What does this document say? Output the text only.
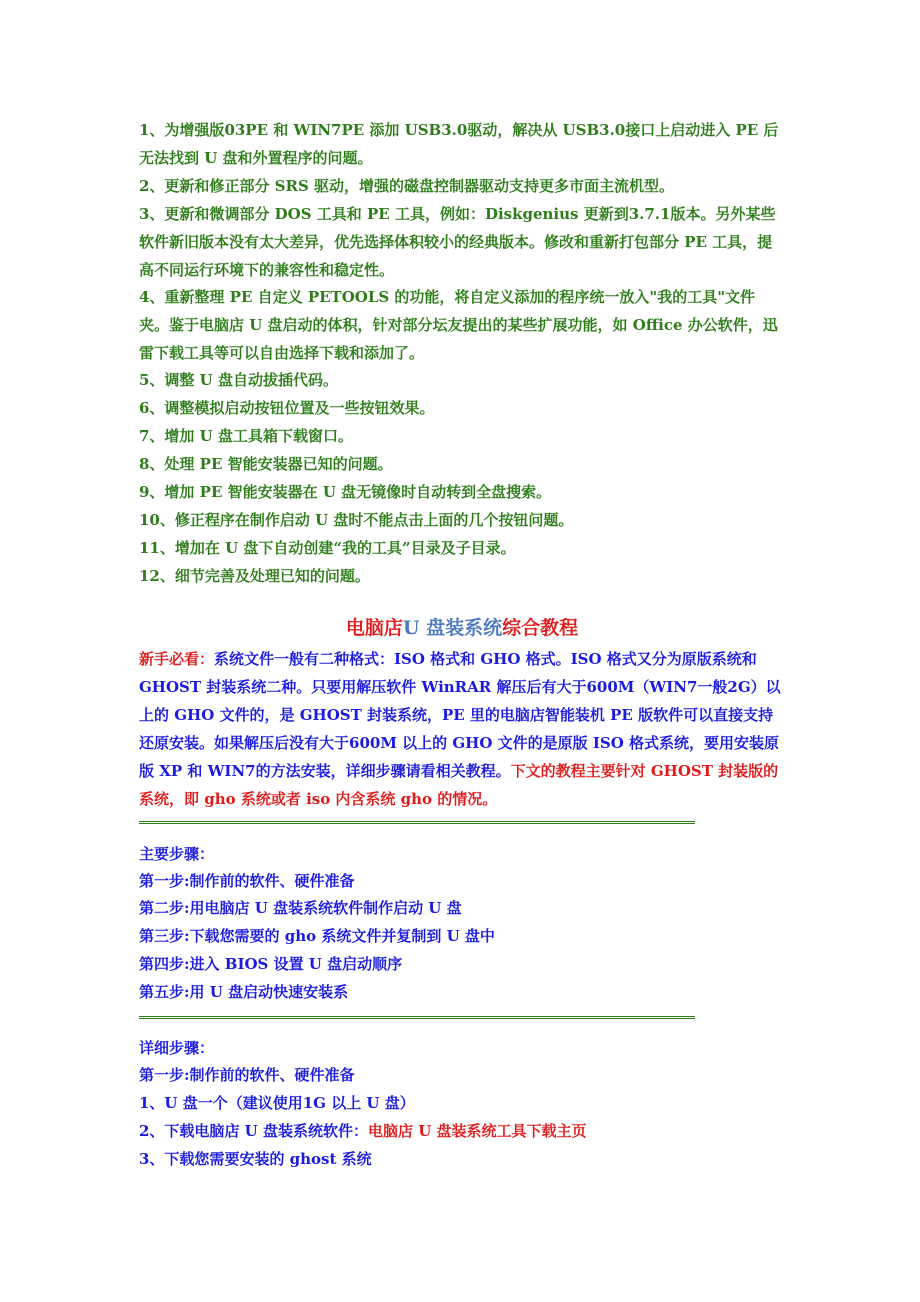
1、为增强版03PE 和 WIN7PE 添加 USB3.0驱动，解决从 USB3.0接口上启动进入 PE 后无法找到 U 盘和外置程序的问题。

2、更新和修正部分 SRS 驱动，增强的磁盘控制器驱动支持更多市面主流机型。

3、更新和微调部分 DOS 工具和 PE 工具，例如：Diskgenius 更新到3.7.1版本。另外某些软件新旧版本没有太大差异，优先选择体积较小的经典版本。修改和重新打包部分 PE 工具，提高不同运行环境下的兼容性和稳定性。

4、重新整理 PE 自定义 PETOOLS 的功能，将自定义添加的程序统一放入"我的工具"文件夹。鉴于电脑店 U 盘启动的体积，针对部分坛友提出的某些扩展功能，如 Office 办公软件，迅雷下载工具等可以自由选择下载和添加了。

5、调整 U 盘自动拔插代码。

6、调整模拟启动按钮位置及一些按钮效果。

7、增加 U 盘工具箱下载窗口。

8、处理 PE 智能安装器已知的问题。

9、增加 PE 智能安装器在 U 盘无镜像时自动转到全盘搜索。

10、修正程序在制作启动 U 盘时不能点击上面的几个按钮问题。

11、增加在 U 盘下自动创建“我的工具”目录及子目录。

12、细节完善及处理已知的问题。

电脑店U 盘装系统综合教程

新手必看：系统文件一般有二种格式：ISO 格式和 GHO 格式。ISO 格式又分为原版系统和 GHOST 封装系统二种。只要用解压软件 WinRAR 解压后有大于600M（WIN7一般2G）以上的 GHO 文件的，是 GHOST 封装系统，PE 里的电脑店智能装机 PE 版软件可以直接支持还原安装。如果解压后没有大于600M 以上的 GHO 文件的是原版 ISO 格式系统，要用安装原版 XP 和 WIN7的方法安装，详细步骤请看相关教程。下文的教程主要针对 GHOST 封装版的系统，即 gho 系统或者 iso 内含系统 gho 的情况。

主要步骤：

第一步:制作前的软件、硬件准备

第二步:用电脑店 U 盘装系统软件制作启动 U 盘

第三步:下载您需要的 gho 系统文件并复制到 U 盘中

第四步:进入 BIOS 设置 U 盘启动顺序

第五步:用 U 盘启动快速安装系

详细步骤：

第一步:制作前的软件、硬件准备

1、U 盘一个（建议使用1G 以上 U 盘）

2、下载电脑店 U 盘装系统软件：电脑店 U 盘装系统工具下载主页

3、下载您需要安装的 ghost 系统
